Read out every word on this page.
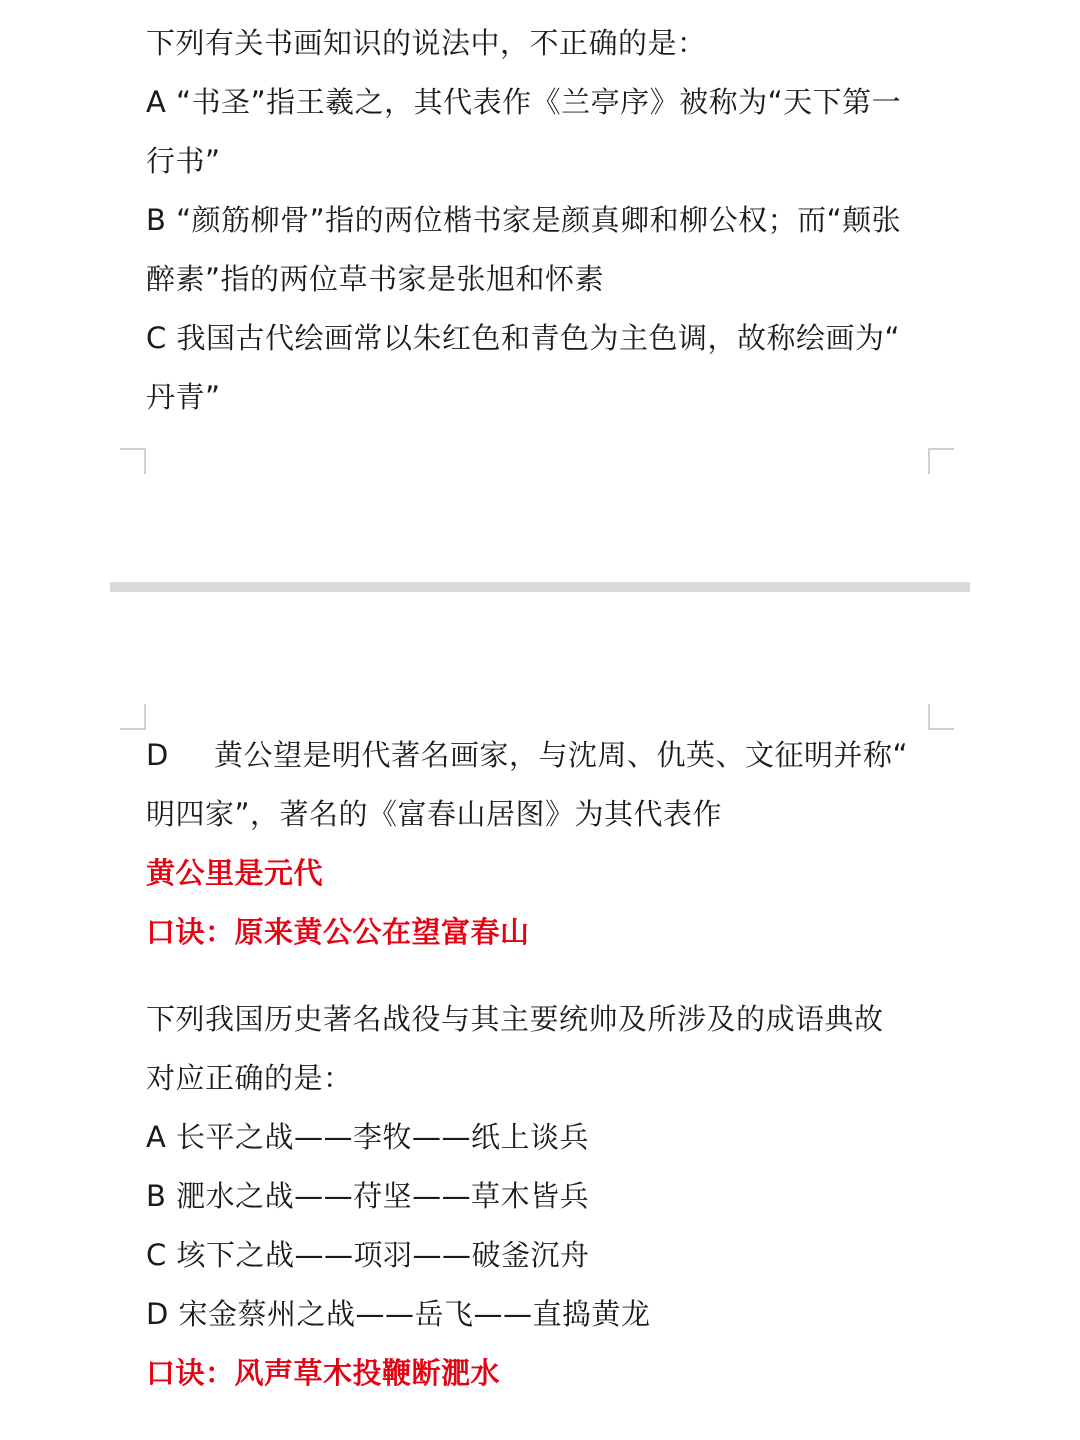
下列有关书画知识的说法中，不正确的是：
A “书圣”指王羲之，其代表作《兰亭序》被称为“天下第一
行书”
B “颜筋柳骨”指的两位楷书家是颜真卿和柳公权；而“颠张
醉素”指的两位草书家是张旭和怀素
C 我国古代绘画常以朱红色和青色为主色调，故称绘画为“
丹青”
D 黄公望是明代著名画家，与沈周、仇英、文征明并称“
明四家”，著名的《富春山居图》为其代表作
黄公里是元代
口诀：原来黄公公在望富春山
下列我国历史著名战役与其主要统帅及所涉及的成语典故
对应正确的是：
A 长平之战——李牧——纸上谈兵
B 淝水之战——苻坚——草木皆兵
C 垓下之战——项羽——破釜沉舟
D 宋金蔡州之战——岳飞——直捣黄龙
口诀：风声草木投鞭断淝水
